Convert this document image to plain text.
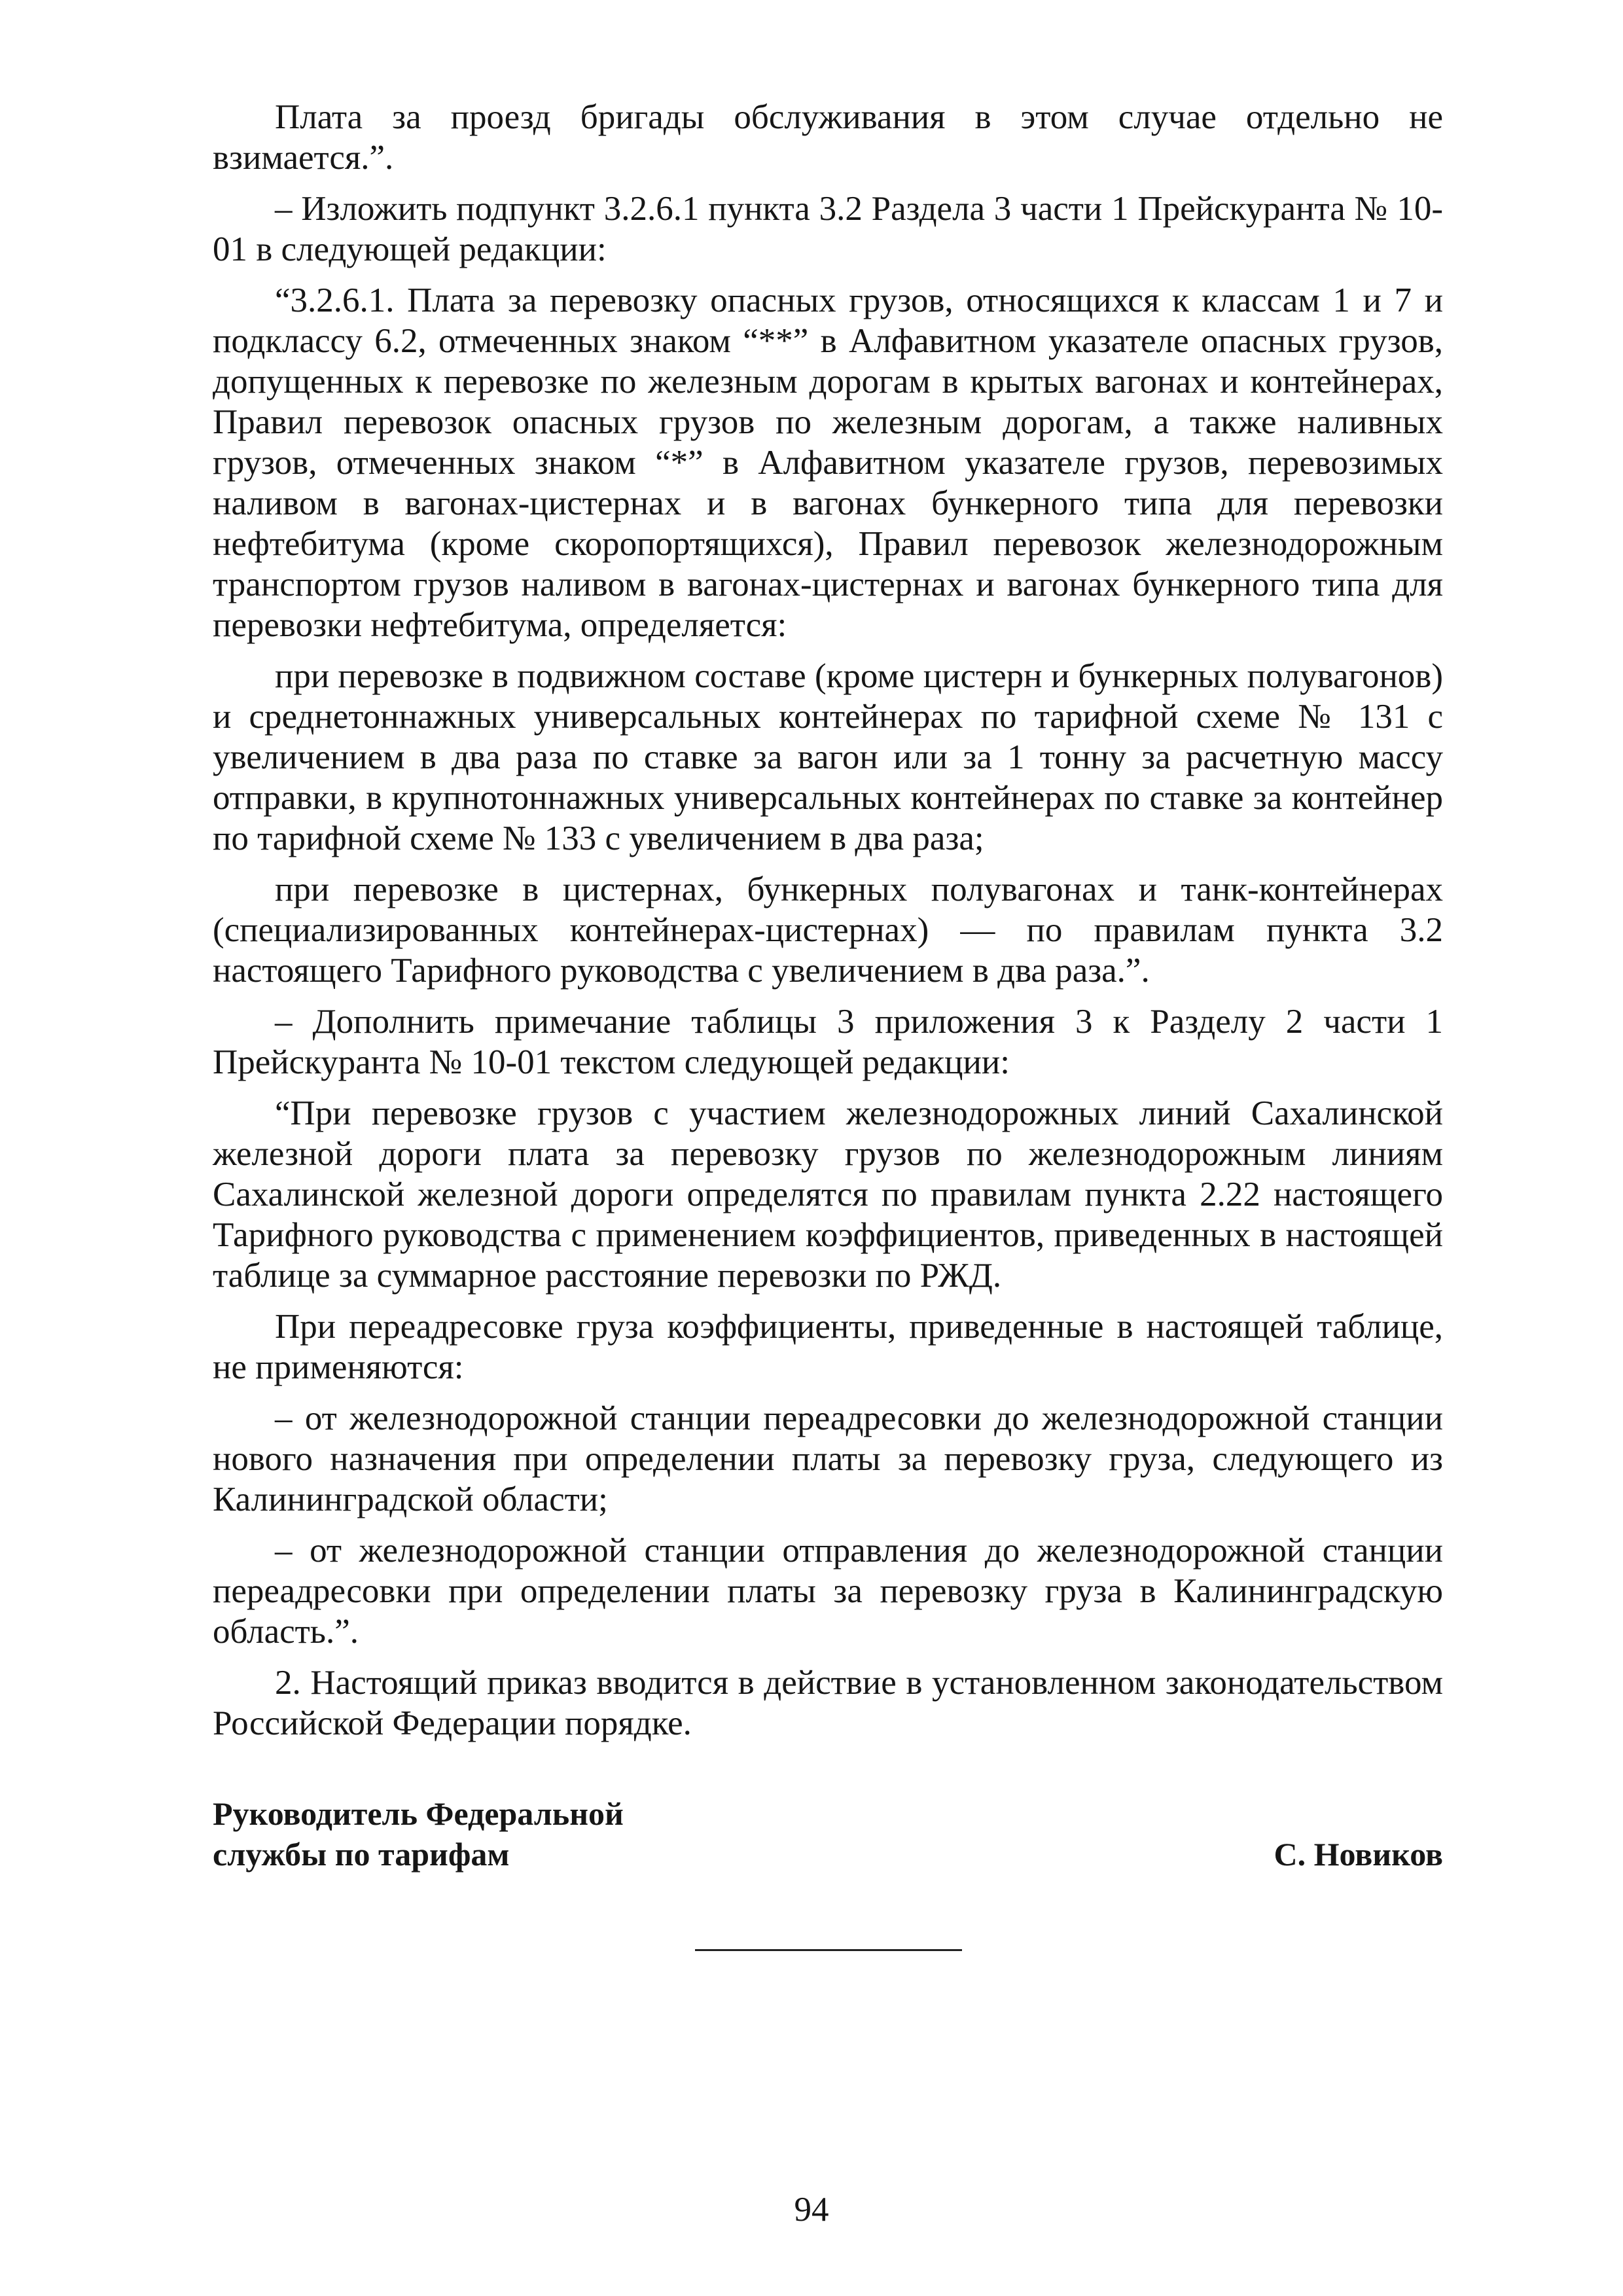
Плата за проезд бригады обслуживания в этом случае отдельно не взимается.”.

– Изложить подпункт 3.2.6.1 пункта 3.2 Раздела 3 части 1 Прейскуранта № 10-01 в следующей редакции:

“3.2.6.1. Плата за перевозку опасных грузов, относящихся к классам 1 и 7 и подклассу 6.2, отмеченных знаком “**” в Алфавитном указателе опасных грузов, допущенных к перевозке по железным дорогам в крытых вагонах и контейнерах, Правил перевозок опасных грузов по железным дорогам, а также наливных грузов, отмеченных знаком “*” в Алфавитном указателе грузов, перевозимых наливом в вагонах-цистернах и в вагонах бункерного типа для перевозки нефтебитума (кроме скоропортящихся), Правил перевозок железнодорожным транспортом грузов наливом в вагонах-цистернах и вагонах бункерного типа для перевозки нефтебитума, определяется:

при перевозке в подвижном составе (кроме цистерн и бункерных полувагонов) и среднетоннажных универсальных контейнерах по тарифной схеме № 131 с увеличением в два раза по ставке за вагон или за 1 тонну за расчетную массу отправки, в крупнотоннажных универсальных контейнерах по ставке за контейнер по тарифной схеме № 133 с увеличением в два раза;

при перевозке в цистернах, бункерных полувагонах и танк-контейнерах (специализированных контейнерах-цистернах) — по правилам пункта 3.2 настоящего Тарифного руководства с увеличением в два раза.”.

– Дополнить примечание таблицы 3 приложения 3 к Разделу 2 части 1 Прейскуранта № 10-01 текстом следующей редакции:

“При перевозке грузов с участием железнодорожных линий Сахалинской железной дороги плата за перевозку грузов по железнодорожным линиям Сахалинской железной дороги определятся по правилам пункта 2.22 настоящего Тарифного руководства с применением коэффициентов, приведенных в настоящей таблице за суммарное расстояние перевозки по РЖД.

При переадресовке груза коэффициенты, приведенные в настоящей таблице, не применяются:

– от железнодорожной станции переадресовки до железнодорожной станции нового назначения при определении платы за перевозку груза, следующего из Калининградской области;

– от железнодорожной станции отправления до железнодорожной станции переадресовки при определении платы за перевозку груза в Калининградскую область.”.

2. Настоящий приказ вводится в действие в установленном законодательством Российской Федерации порядке.

Руководитель Федеральной
службы по тарифам	С. Новиков
94
